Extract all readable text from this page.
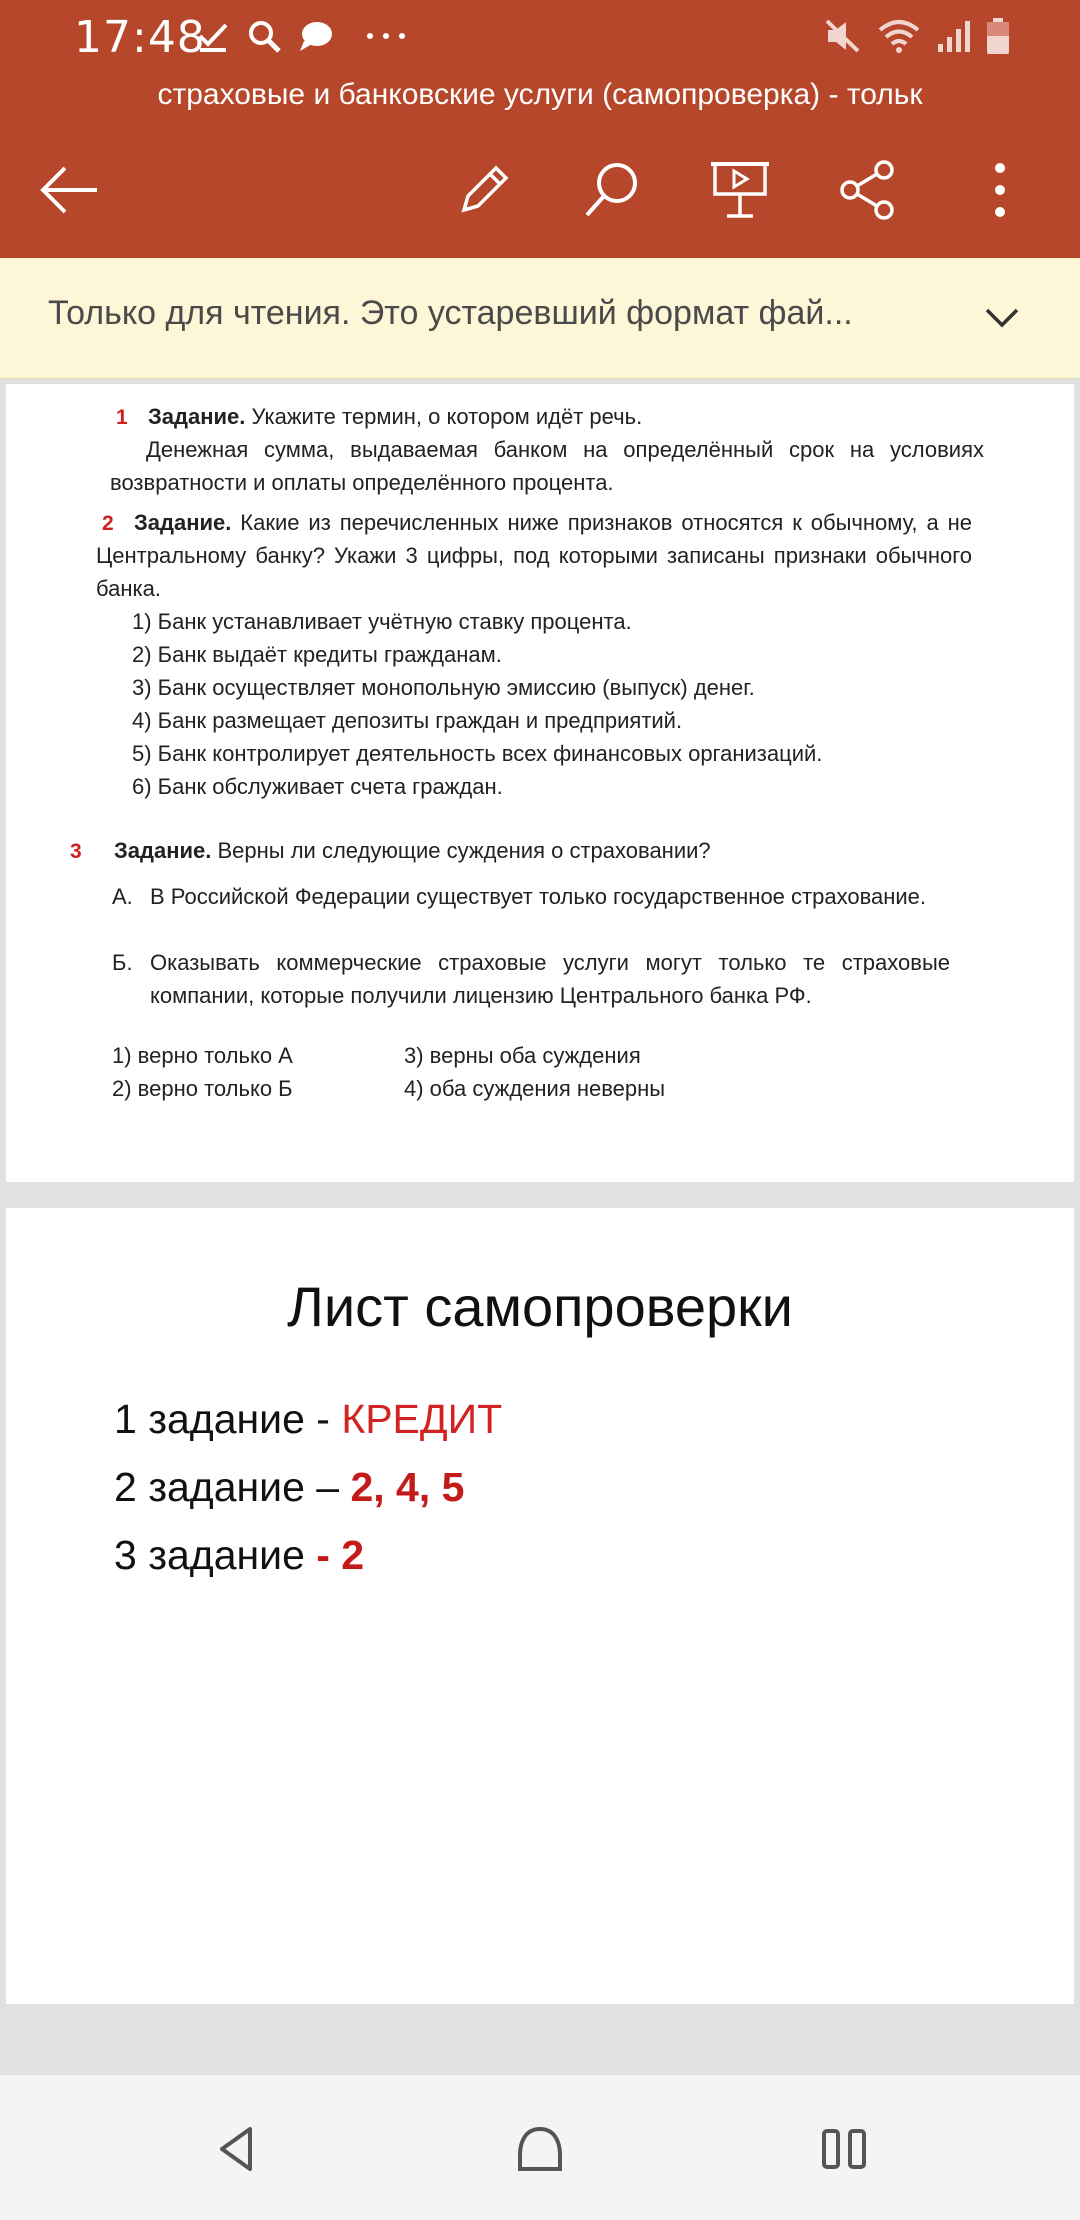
17:48
страховые и банковские услуги (самопроверка) - тольк
Только для чтения. Это устаревший формат фай...
1 Задание. Укажите термин, о котором идёт речь.
Денежная сумма, выдаваемая банком на определённый срок на условиях возвратности и оплаты определённого процента.
2 Задание. Какие из перечисленных ниже признаков относятся к обычному, а не Центральному банку? Укажи 3 цифры, под которыми записаны признаки обычного банка.
1) Банк устанавливает учётную ставку процента.
2) Банк выдаёт кредиты гражданам.
3) Банк осуществляет монопольную эмиссию (выпуск) денег.
4) Банк размещает депозиты граждан и предприятий.
5) Банк контролирует деятельность всех финансовых организаций.
6) Банк обслуживает счета граждан.
3 Задание. Верны ли следующие суждения о страховании?
А. В Российской Федерации существует только государственное страхование.
Б. Оказывать коммерческие страховые услуги могут только те страховые компании, которые получили лицензию Центрального банка РФ.
1) верно только А
2) верно только Б
3) верны оба суждения
4) оба суждения неверны
Лист самопроверки
1 задание - КРЕДИТ
2 задание – 2, 4, 5
3 задание - 2
